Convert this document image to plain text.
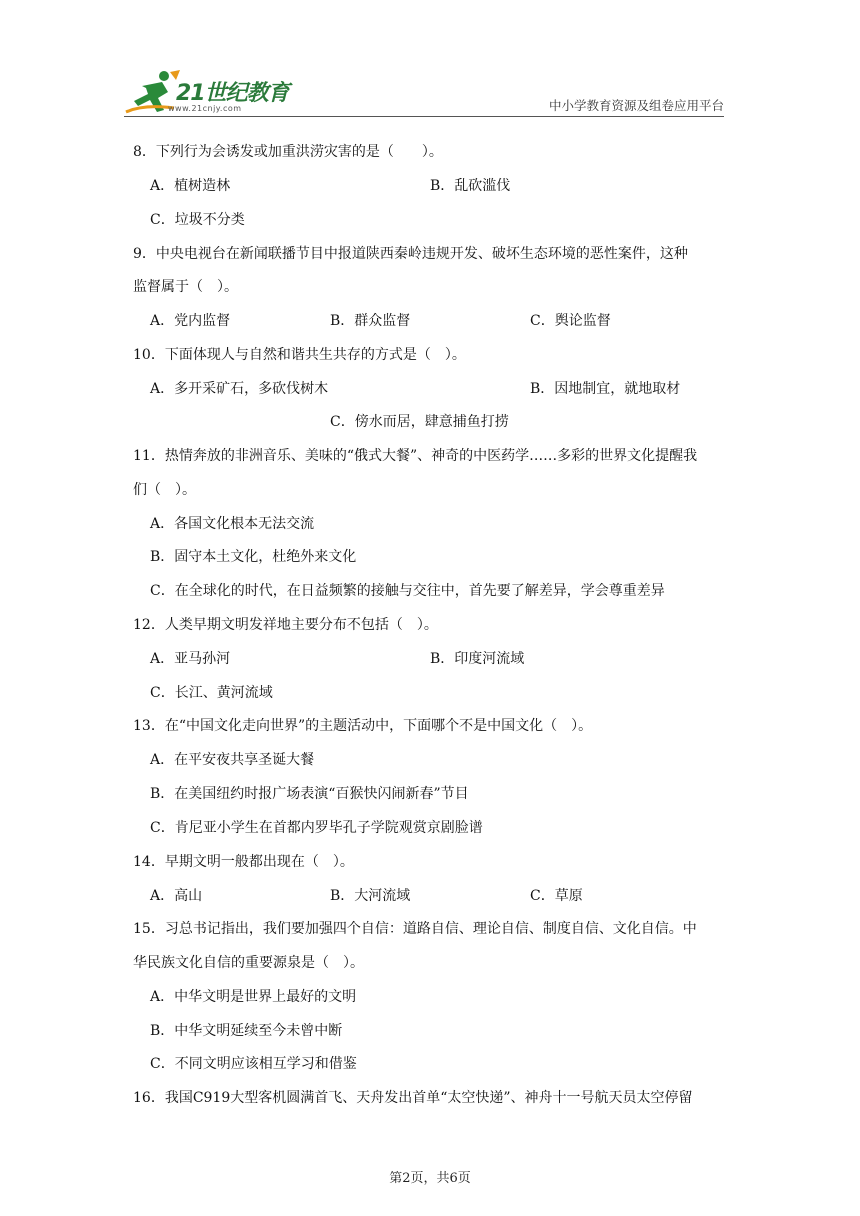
21世纪教育
www.21cnjy.com	中小学教育资源及组卷应用平台
8．下列行为会诱发或加重洪涝灾害的是（　　）。
A．植树造林	B．乱砍滥伐
C．垃圾不分类
9．中央电视台在新闻联播节目中报道陕西秦岭违规开发、破坏生态环境的恶性案件，这种
监督属于（　）。
A．党内监督	B．群众监督	C．舆论监督
10．下面体现人与自然和谐共生共存的方式是（　）。
A．多开采矿石，多砍伐树木	B．因地制宜，就地取材
C．傍水而居，肆意捕鱼打捞
11．热情奔放的非洲音乐、美味的“俄式大餐”、神奇的中医药学……多彩的世界文化提醒我
们（　）。
A．各国文化根本无法交流
B．固守本土文化，杜绝外来文化
C．在全球化的时代，在日益频繁的接触与交往中，首先要了解差异，学会尊重差异
12．人类早期文明发祥地主要分布不包括（　）。
A．亚马孙河	B．印度河流域
C．长江、黄河流域
13．在“中国文化走向世界”的主题活动中，下面哪个不是中国文化（　）。
A．在平安夜共享圣诞大餐
B．在美国纽约时报广场表演“百猴快闪闹新春”节目
C．肯尼亚小学生在首都内罗毕孔子学院观赏京剧脸谱
14．早期文明一般都出现在（　）。
A．高山	B．大河流域	C．草原
15．习总书记指出，我们要加强四个自信：道路自信、理论自信、制度自信、文化自信。中
华民族文化自信的重要源泉是（　）。
A．中华文明是世界上最好的文明
B．中华文明延续至今未曾中断
C．不同文明应该相互学习和借鉴
16．我国C919大型客机圆满首飞、天舟发出首单“太空快递”、神舟十一号航天员太空停留
第2页，共6页
